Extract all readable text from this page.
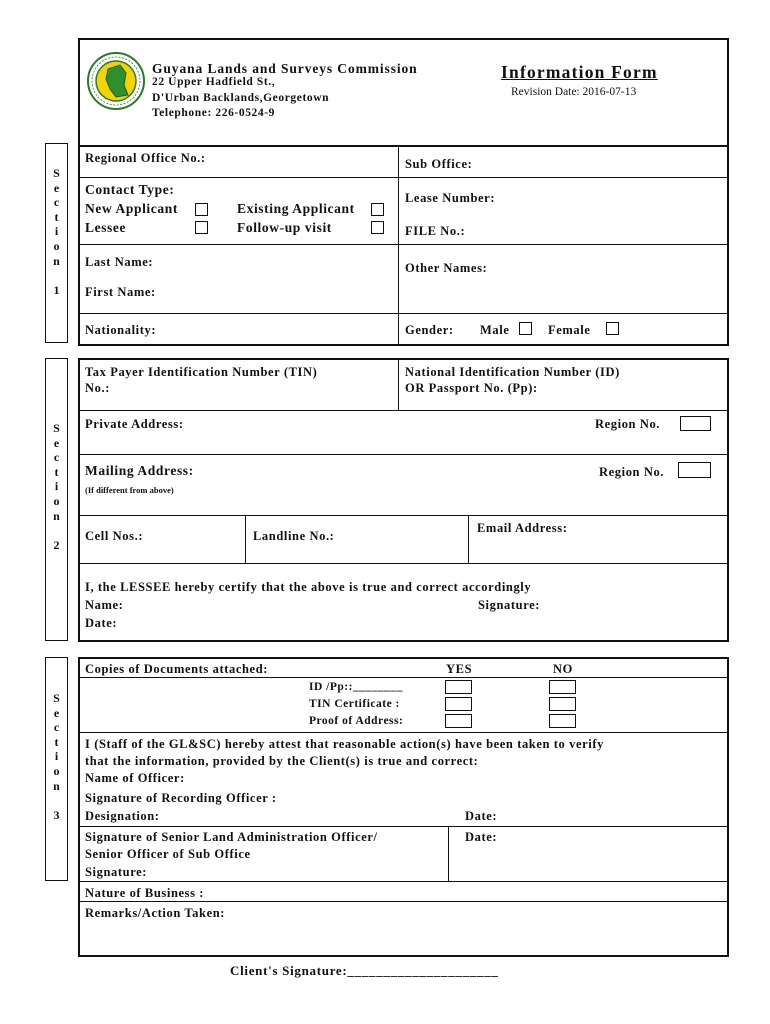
S
e
c
t
i
o
n

1
S
e
c
t
i
o
n

2
S
e
c
t
i
o
n

3
Guyana Lands and Surveys Commission
22 Upper Hadfield St.,
D'Urban Backlands,Georgetown
Telephone: 226-0524-9
Information Form
Revision Date: 2016-07-13
Regional Office No.:	Sub Office:
Contact Type:
New Applicant	Existing Applicant
Lessee	Follow-up visit
Lease Number:
FILE No.:
Last Name:
First Name:
Other Names:
Nationality:	Gender: Male	Female
Tax Payer Identification Number (TIN)
No.:
National Identification Number (ID)
OR Passport No. (Pp):
Private Address:	Region No.
Mailing Address:
(If different from above)
Region No.
Cell Nos.:	Landline No.:
Email Address:
I, the LESSEE hereby certify that the above is true and correct accordingly
Name:	Signature:
Date:
Copies of Documents attached:	YES	NO
ID /Pp::________
TIN Certificate :
Proof of Address:
I (Staff of the GL&SC) hereby attest that reasonable action(s) have been taken to verify
that the information, provided by the Client(s) is true and correct:
Name of Officer:
Signature of Recording Officer :
Designation:	Date:
Signature of Senior Land Administration Officer/
Senior Officer of Sub Office
Signature:
Date:
Nature of Business :
Remarks/Action Taken:
Client's Signature:_____________________
